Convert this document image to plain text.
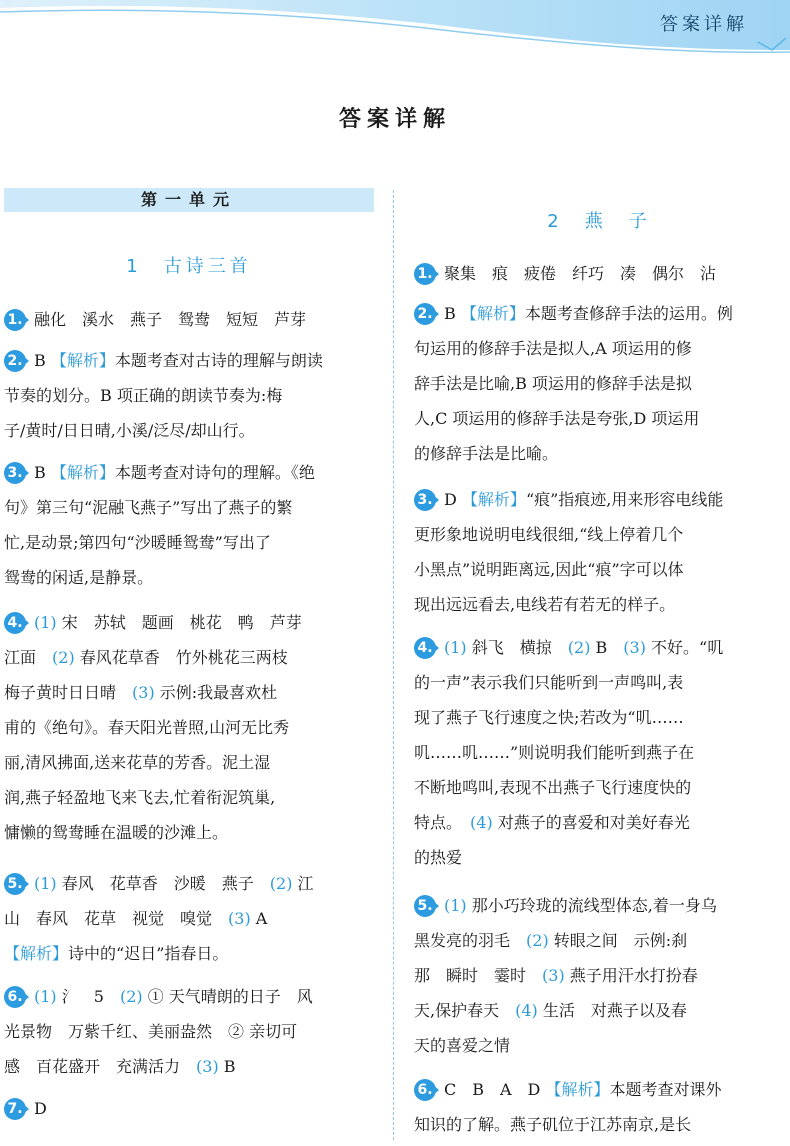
答案详解
答案详解
第一单元
1　古诗三首
1. 融化　溪水　燕子　鸳鸯　短短　芦芽
2. B 【解析】本题考查对古诗的理解与朗读
节奏的划分。B 项正确的朗读节奏为:梅
子/黄时/日日晴,小溪/泛尽/却山行。
3. B 【解析】本题考查对诗句的理解。《绝
句》第三句“泥融飞燕子”写出了燕子的繁
忙,是动景;第四句“沙暖睡鸳鸯”写出了
鸳鸯的闲适,是静景。
4. (1) 宋　苏轼　题画　桃花　鸭　芦芽
江面　(2) 春风花草香　竹外桃花三两枝
梅子黄时日日晴　(3) 示例:我最喜欢杜
甫的《绝句》。春天阳光普照,山河无比秀
丽,清风拂面,送来花草的芳香。泥土湿
润,燕子轻盈地飞来飞去,忙着衔泥筑巢,
慵懒的鸳鸯睡在温暖的沙滩上。
5. (1) 春风　花草香　沙暖　燕子　(2) 江
山　春风　花草　视觉　嗅觉　(3) A
【解析】诗中的“迟日”指春日。
6. (1) 氵　5　(2) ① 天气晴朗的日子　风
光景物　万紫千红、美丽盎然　② 亲切可
感　百花盛开　充满活力　(3) B
7. D
2　燕　子
1. 聚集　痕　疲倦　纤巧　凑　偶尔　沾
2. B 【解析】本题考查修辞手法的运用。例
句运用的修辞手法是拟人,A 项运用的修
辞手法是比喻,B 项运用的修辞手法是拟
人,C 项运用的修辞手法是夸张,D 项运用
的修辞手法是比喻。
3. D 【解析】“痕”指痕迹,用来形容电线能
更形象地说明电线很细,“线上停着几个
小黑点”说明距离远,因此“痕”字可以体
现出远远看去,电线若有若无的样子。
4. (1) 斜飞　横掠　(2) B　(3) 不好。“叽
的一声”表示我们只能听到一声鸣叫,表
现了燕子飞行速度之快;若改为“叽……
叽……叽……”则说明我们能听到燕子在
不断地鸣叫,表现不出燕子飞行速度快的
特点。　(4) 对燕子的喜爱和对美好春光
的热爱
5. (1) 那小巧玲珑的流线型体态,着一身乌
黑发亮的羽毛　(2) 转眼之间　示例:刹
那　瞬时　霎时　(3) 燕子用汗水打扮春
天,保护春天　(4) 生活　对燕子以及春
天的喜爱之情
6. C　B　A　D 【解析】本题考查对课外
知识的了解。燕子矶位于江苏南京,是长
